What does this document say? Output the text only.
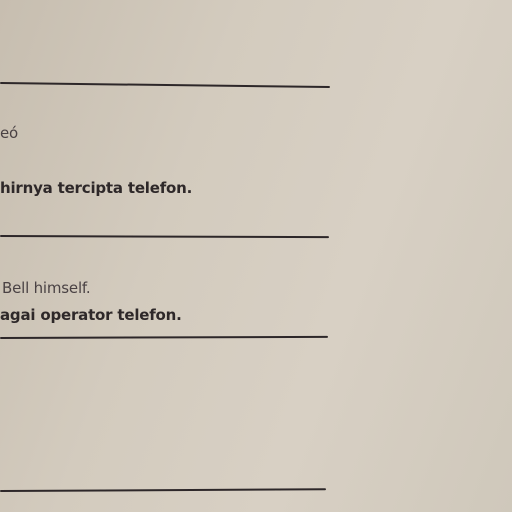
eó
hirnya tercipta telefon.
Bell himself.
agai operator telefon.
